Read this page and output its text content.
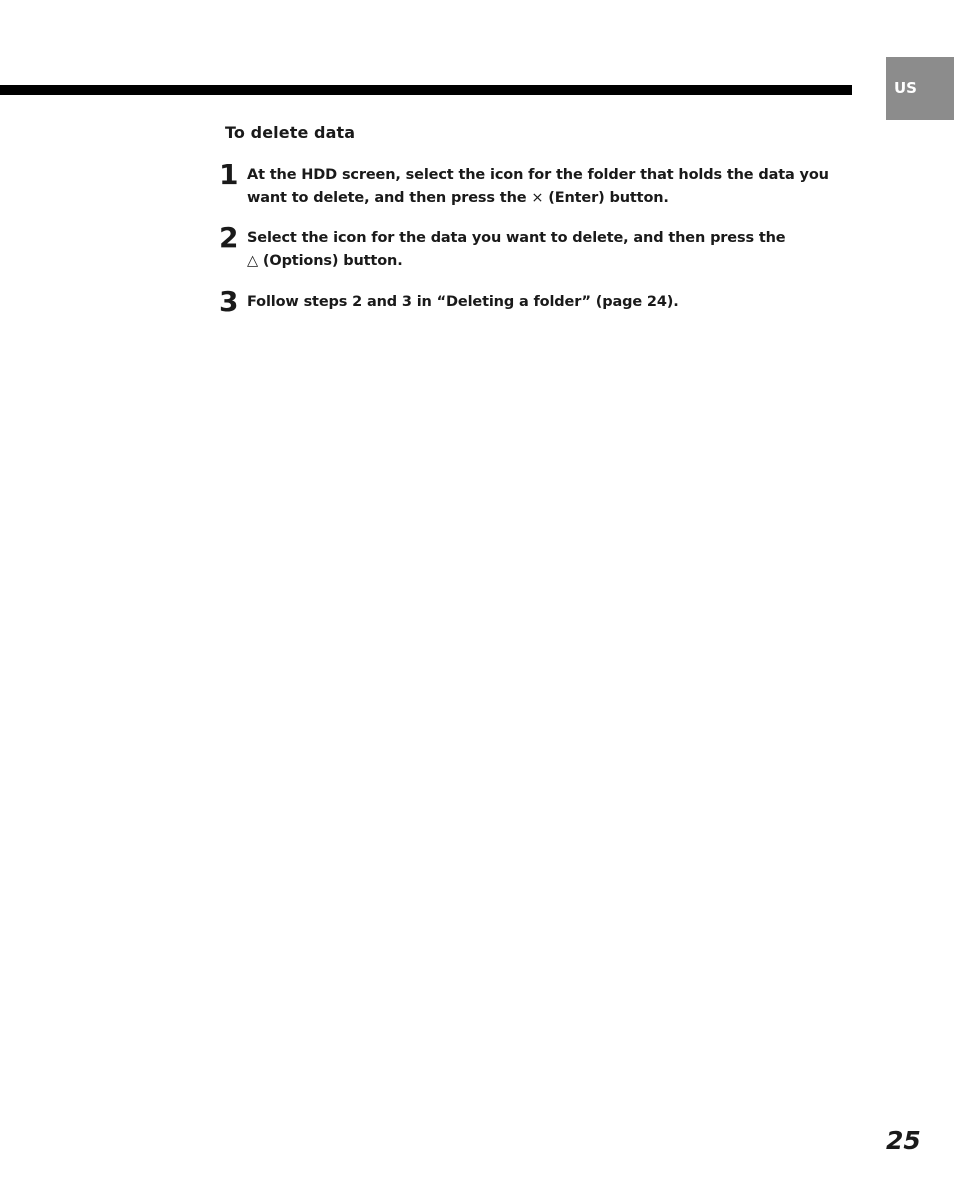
US
To delete data
1 At the HDD screen, select the icon for the folder that holds the data you want to delete, and then press the × (Enter) button.
2 Select the icon for the data you want to delete, and then press the
△ (Options) button.
3 Follow steps 2 and 3 in “Deleting a folder” (page 24).
25
